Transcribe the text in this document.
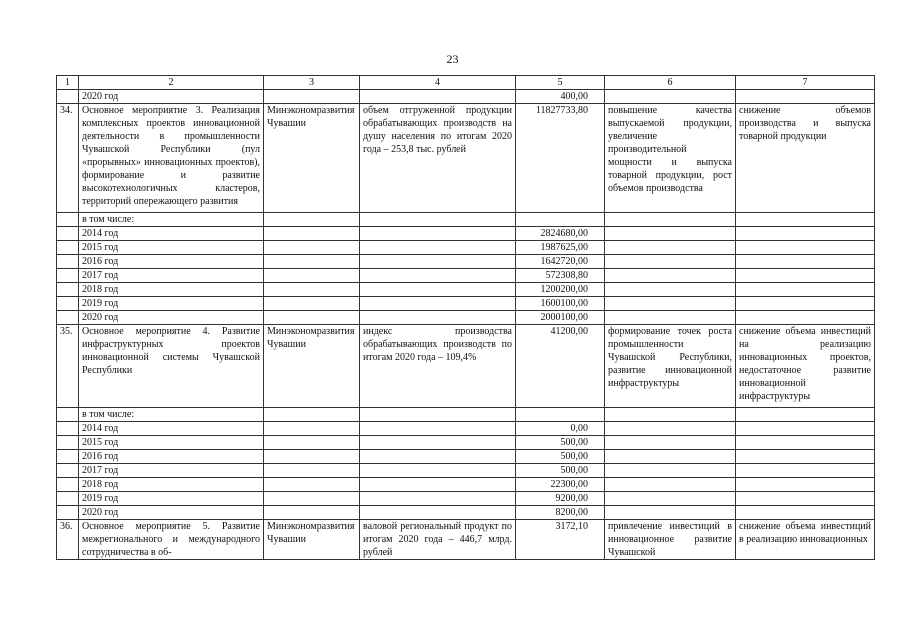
23
1	2	3	4	5	6	7
	2020 год			400,00		
34.	Основное мероприятие 3. Реализация комплексных проектов инновационной деятельности в промышленности Чувашской Республики (пул «прорывных» инновационных проектов), формирование и развитие высокотехнологичных кластеров, территорий опережающего развития	Минэкономразвития Чувашии	объем отгруженной продукции обрабатывающих производств на душу населения по итогам 2020 года – 253,8 тыс. рублей	11827733,80	повышение качества выпускаемой продукции, увеличение производительной мощности и выпуска товарной продукции, рост объемов производства	снижение объемов производства и выпуска товарной продукции
	в том числе:					
	2014 год			2824680,00		
	2015 год			1987625,00		
	2016 год			1642720,00		
	2017 год			572308,80		
	2018 год			1200200,00		
	2019 год			1600100,00		
	2020 год			2000100,00		
35.	Основное мероприятие 4. Развитие инфраструктурных проектов инновационной системы Чувашской Республики	Минэкономразвития Чувашии	индекс производства обрабатывающих производств по итогам 2020 года – 109,4%	41200,00	формирование точек роста промышленности Чувашской Республики, развитие инновационной инфраструктуры	снижение объема инвестиций на реализацию инновационных проектов, недостаточное развитие инновационной инфраструктуры
	в том числе:					
	2014 год			0,00		
	2015 год			500,00		
	2016 год			500,00		
	2017 год			500,00		
	2018 год			22300,00		
	2019 год			9200,00		
	2020 год			8200,00		
36.	Основное мероприятие 5. Развитие межрегионального и международного сотрудничества в об-	Минэкономразвития Чувашии	валовой региональный продукт по итогам 2020 года – 446,7 млрд. рублей	3172,10	привлечение инвестиций в инновационное развитие Чувашской	снижение объема инвестиций в реализацию инновационных
